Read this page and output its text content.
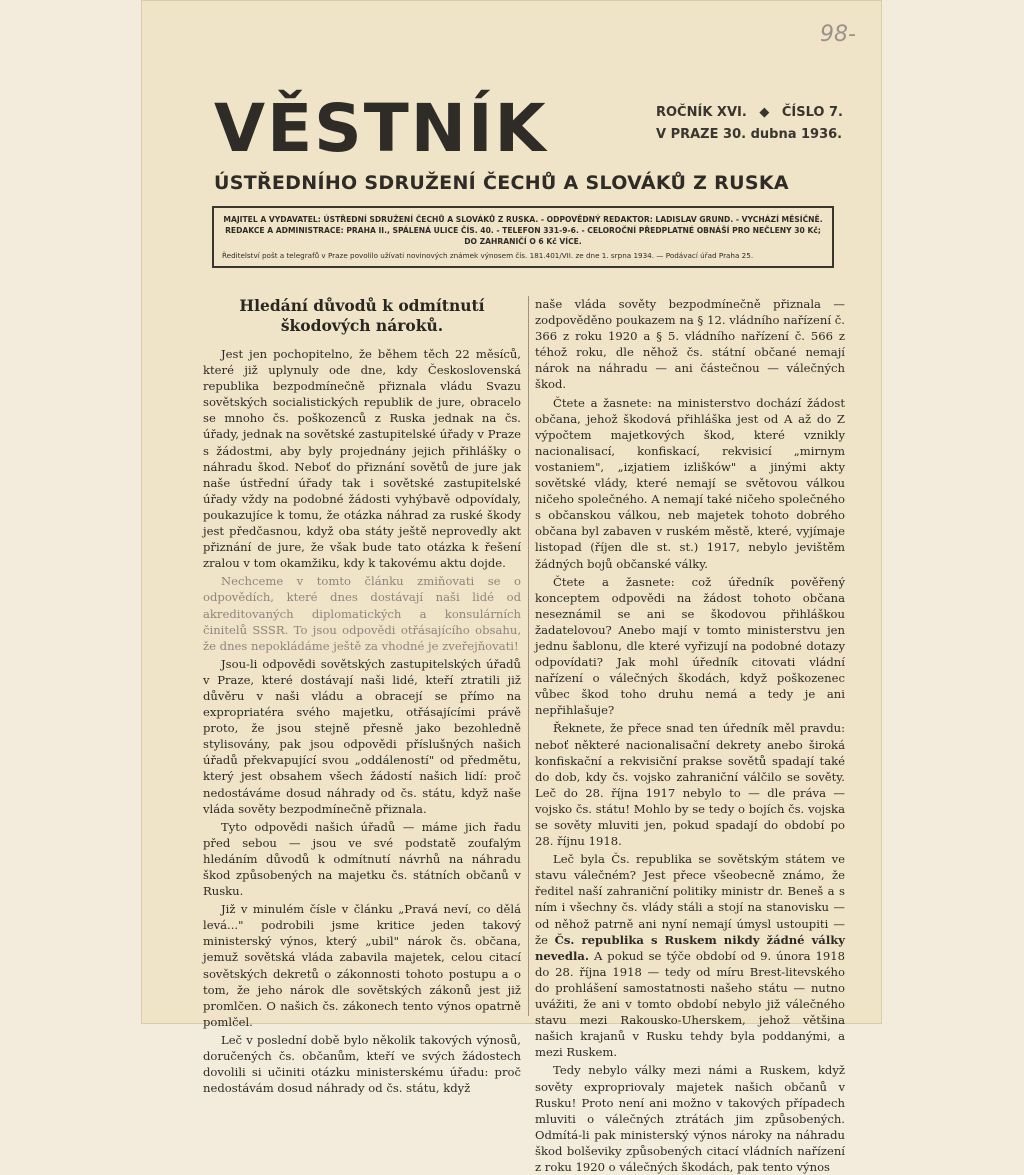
98-
VĚSTNÍK	ROČNÍK XVI. ◆ ČÍSLO 7.
V PRAZE 30. dubna 1936.
ÚSTŘEDNÍHO SDRUŽENÍ ČECHŮ A SLOVÁKŮ Z RUSKA
MAJITEL A VYDAVATEL: ÚSTŘEDNÍ SDRUŽENÍ ČECHŮ A SLOVÁKŮ Z RUSKA. - ODPOVĚDNÝ REDAKTOR: LADISLAV GRUND. - VYCHÁZÍ MĚSÍČNĚ.
REDAKCE A ADMINISTRACE: PRAHA II., SPÁLENÁ ULICE ČÍS. 40. - TELEFON 331-9-6. - CELOROČNÍ PŘEDPLATNÉ OBNÁŠÍ PRO NEČLENY 30 Kč;
DO ZAHRANIČÍ O 6 Kč VÍCE.
Ředitelství pošt a telegrafů v Praze povolilo užívati novinových známek výnosem čís. 181.401/VII. ze dne 1. srpna 1934. — Podávací úřad Praha 25.

Hledání důvodů k odmítnutí škodových nároků.

Jest jen pochopitelno, že během těch 22 měsíců, které již uplynuly ode dne, kdy Československá republika bezpodmínečně přiznala vládu Svazu sovětských socialistických republik de jure, obracelo se mnoho čs. poškozenců z Ruska jednak na čs. úřady, jednak na sovětské zastupitelské úřady v Praze s žádostmi, aby byly projednány jejich přihlášky o náhradu škod. Neboť do přiznání sovětů de jure jak naše ústřední úřady tak i sovětské zastupitelské úřady vždy na podobné žádosti vyhýbavě odpovídaly, poukazujíce k tomu, že otázka náhrad za ruské škody jest předčasnou, když oba státy ještě neprovedly akt přiznání de jure, že však bude tato otázka k řešení zralou v tom okamžiku, kdy k takovému aktu dojde.

Nechceme v tomto článku zmiňovati se o odpovědích, které dnes dostávají naši lidé od akreditovaných diplomatických a konsulárních činitelů SSSR. To jsou odpovědi otřásajícího obsahu, že dnes nepokládáme ještě za vhodné je zveřejňovati!

Jsou-li odpovědi sovětských zastupitelských úřadů v Praze, které dostávají naši lidé, kteří ztratili již důvěru v naši vládu a obracejí se přímo na expropriatéra svého majetku, otřásajícími právě proto, že jsou stejně přesně jako bezohledně stylisovány, pak jsou odpovědi příslušných našich úřadů překvapující svou „oddáleností" od předmětu, který jest obsahem všech žádostí našich lidí: proč nedostáváme dosud náhrady od čs. státu, když naše vláda sověty bezpodmínečně přiznala.

Tyto odpovědi našich úřadů — máme jich řadu před sebou — jsou ve své podstatě zoufalým hledáním důvodů k odmítnutí návrhů na náhradu škod způsobených na majetku čs. státních občanů v Rusku.

Již v minulém čísle v článku „Pravá neví, co dělá levá..." podrobili jsme kritice jeden takový ministerský výnos, který „ubil" nárok čs. občana, jemuž sovětská vláda zabavila majetek, celou citací sovětských dekretů o zákonnosti tohoto postupu a o tom, že jeho nárok dle sovětských zákonů jest již promlčen. O našich čs. zákonech tento výnos opatrně pomlčel.

Leč v poslední době bylo několik takových výnosů, doručených čs. občanům, kteří ve svých žádostech dovolili si učiniti otázku ministerskému úřadu: proč nedostávám dosud náhrady od čs. státu, když

naše vláda sověty bezpodmínečně přiznala — zodpověděno poukazem na § 12. vládního nařízení č. 366 z roku 1920 a § 5. vládního nařízení č. 566 z téhož roku, dle něhož čs. státní občané nemají nárok na náhradu — ani částečnou — válečných škod.

Čtete a žasnete: na ministerstvo dochází žádost občana, jehož škodová přihláška jest od A až do Z výpočtem majetkových škod, které vznikly nacionalisací, konfiskací, rekvisicí „mirnym vostaniem", „izjatiem izlišków" a jinými akty sovětské vlády, které nemají se světovou válkou ničeho společného. A nemají také ničeho společného s občanskou válkou, neb majetek tohoto dobrého občana byl zabaven v ruském městě, které, vyjímaje listopad (říjen dle st. st.) 1917, nebylo jevištěm žádných bojů občanské války.

Čtete a žasnete: což úředník pověřený konceptem odpovědi na žádost tohoto občana neseznámil se ani se škodovou přihláškou žadatelovou? Anebo mají v tomto ministerstvu jen jednu šablonu, dle které vyřizují na podobné dotazy odpovídati? Jak mohl úředník citovati vládní nařízení o válečných škodách, když poškozenec vůbec škod toho druhu nemá a tedy je ani nepřihlašuje?

Řeknete, že přece snad ten úředník měl pravdu: neboť některé nacionalisační dekrety anebo široká konfiskační a rekvisiční prakse sovětů spadají také do dob, kdy čs. vojsko zahraniční válčilo se sověty. Leč do 28. října 1917 nebylo to — dle práva — vojsko čs. státu! Mohlo by se tedy o bojích čs. vojska se sověty mluviti jen, pokud spadají do období po 28. říjnu 1918.

Leč byla Čs. republika se sovětským státem ve stavu válečném? Jest přece všeobecně známo, že ředitel naší zahraniční politiky ministr dr. Beneš a s ním i všechny čs. vlády stáli a stojí na stanovisku — od něhož patrně ani nyní nemají úmysl ustoupiti — že Čs. republika s Ruskem nikdy žádné války nevedla. A pokud se týče období od 9. února 1918 do 28. října 1918 — tedy od míru Brest-litevského do prohlášení samostatnosti našeho státu — nutno uvážiti, že ani v tomto období nebylo již válečného stavu mezi Rakousko-Uherskem, jehož většina našich krajanů v Rusku tehdy byla poddanými, a mezi Ruskem.

Tedy nebylo války mezi námi a Ruskem, když sověty expropriovaly majetek našich občanů v Rusku! Proto není ani možno v takových případech mluviti o válečných ztrátách jim způsobených. Odmítá-li pak ministerský výnos nároky na náhradu škod bolševiky způsobených citací vládních nařízení z roku 1920 o válečných škodách, pak tento výnos
